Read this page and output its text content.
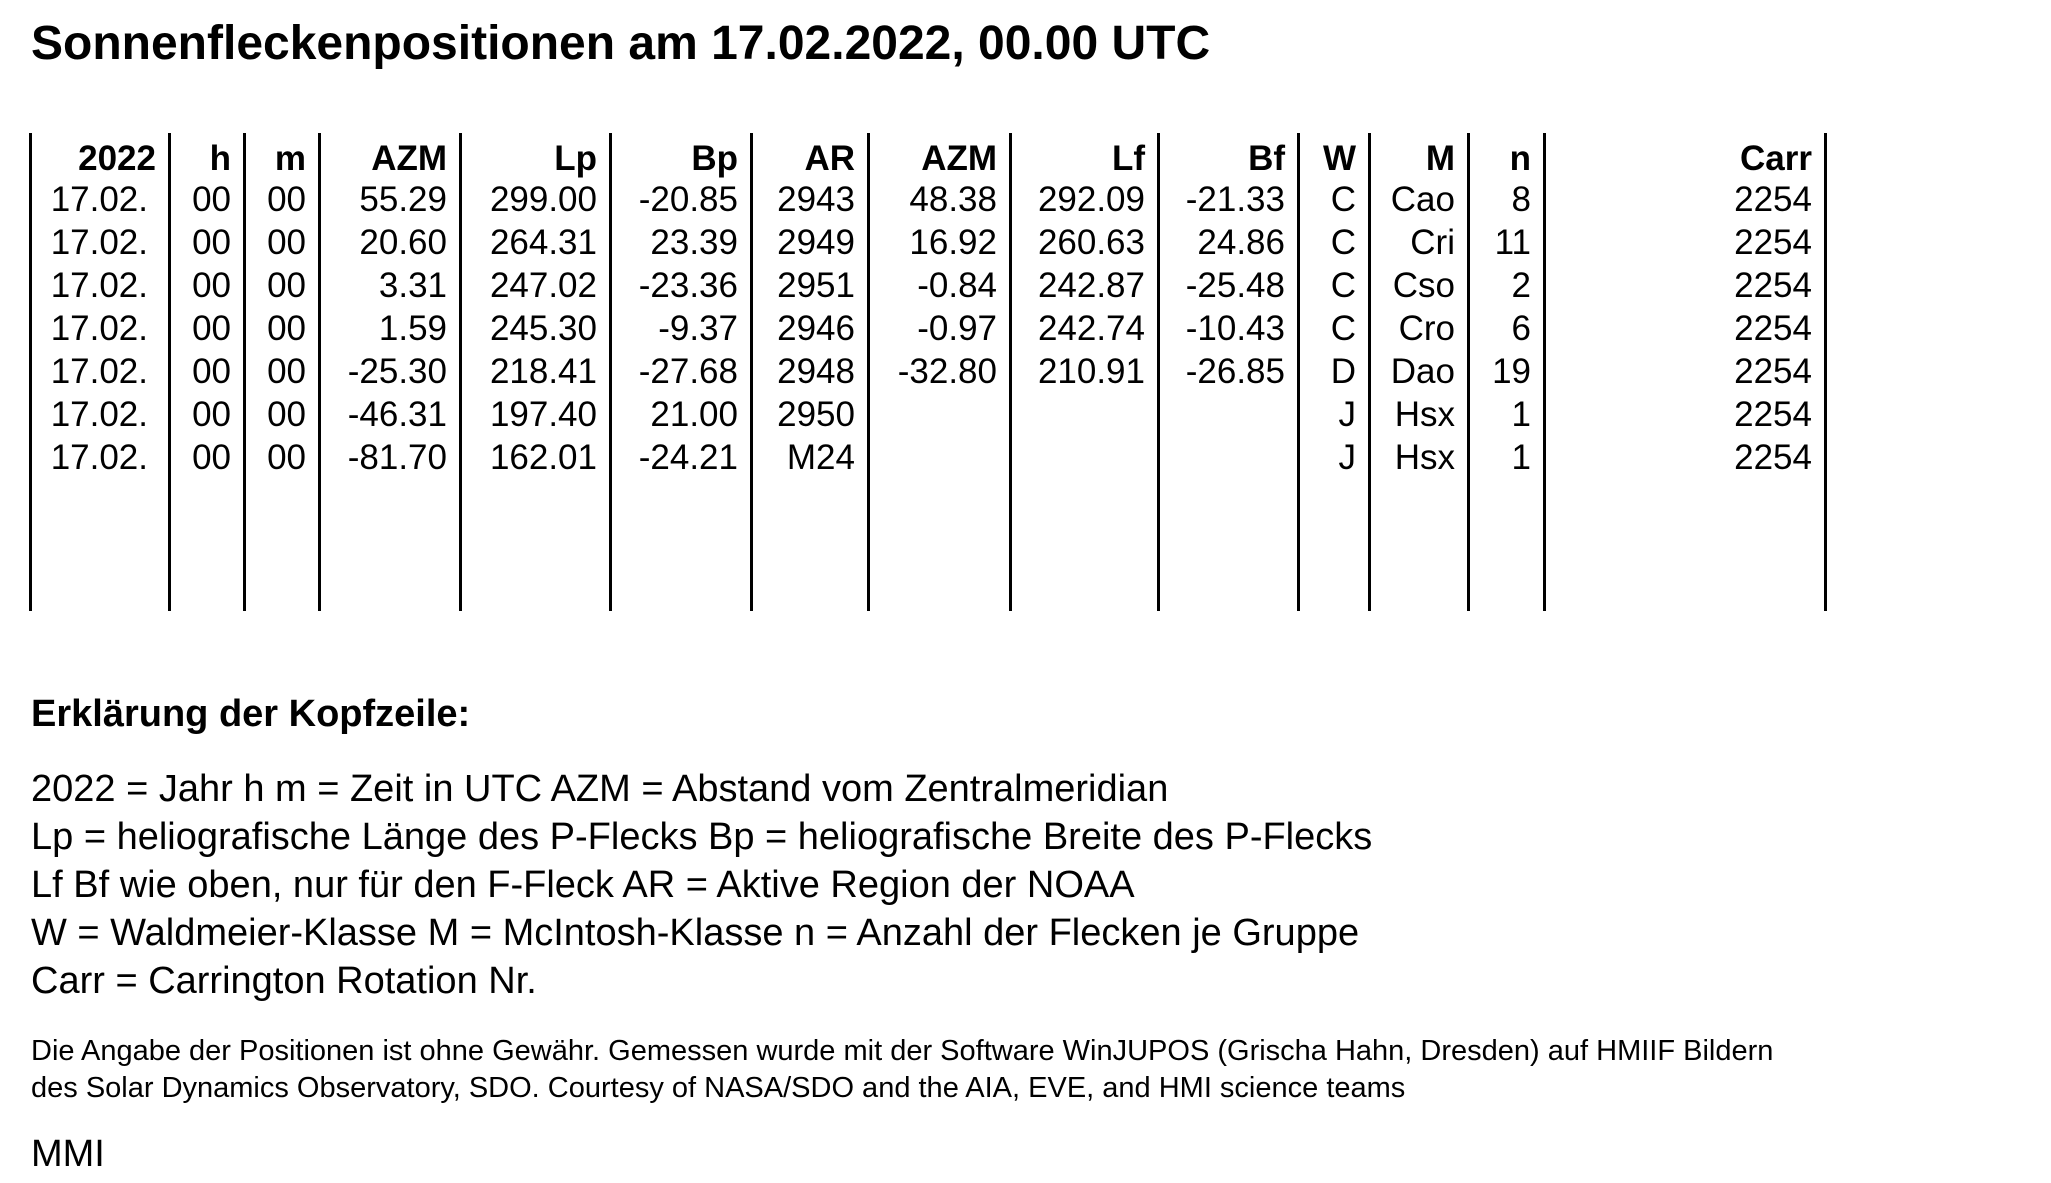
Sonnenfleckenpositionen am 17.02.2022, 00.00 UTC
2022
17.02.
17.02.
17.02.
17.02.
17.02.
17.02.
17.02.
h
00
00
00
00
00
00
00
m
00
00
00
00
00
00
00
AZM
55.29
20.60
3.31
1.59
-25.30
-46.31
-81.70
Lp
299.00
264.31
247.02
245.30
218.41
197.40
162.01
Bp
-20.85
23.39
-23.36
-9.37
-27.68
21.00
-24.21
AR
2943
2949
2951
2946
2948
2950
M24
AZM
48.38
16.92
-0.84
-0.97
-32.80
Lf
292.09
260.63
242.87
242.74
210.91
Bf
-21.33
24.86
-25.48
-10.43
-26.85
W
C
C
C
C
D
J
J
M
Cao
Cri
Cso
Cro
Dao
Hsx
Hsx
n
8
11
2
6
19
1
1
Carr
2254
2254
2254
2254
2254
2254
2254
Erklärung der Kopfzeile:
2022 = Jahr h m = Zeit in UTC AZM = Abstand vom Zentralmeridian
Lp = heliografische Länge des P-Flecks Bp = heliografische Breite des P-Flecks
Lf Bf wie oben, nur für den F-Fleck AR = Aktive Region der NOAA
W = Waldmeier-Klasse M = McIntosh-Klasse n = Anzahl der Flecken je Gruppe
Carr = Carrington Rotation Nr.
Die Angabe der Positionen ist ohne Gewähr. Gemessen wurde mit der Software WinJUPOS (Grischa Hahn, Dresden) auf HMIIF Bildern
des Solar Dynamics Observatory, SDO. Courtesy of NASA/SDO and the AIA, EVE, and HMI science teams
MMI
